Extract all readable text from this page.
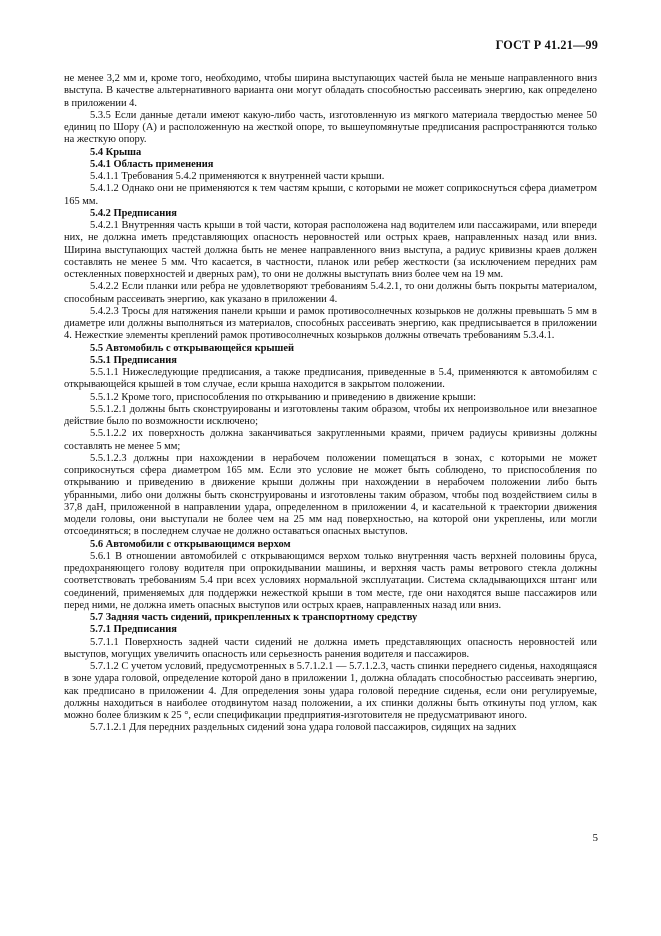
ГОСТ Р 41.21—99

не менее 3,2 мм и, кроме того, необходимо, чтобы ширина выступающих частей была не меньше направленного вниз выступа. В качестве альтернативного варианта они могут обладать способностью рассеивать энергию, как определено в приложении 4.

5.3.5 Если данные детали имеют какую-либо часть, изготовленную из мягкого материала твердостью менее 50 единиц по Шору (А) и расположенную на жесткой опоре, то вышеупомянутые предписания распространяются только на жесткую опору.

5.4 Крыша

5.4.1 Область применения

5.4.1.1 Требования 5.4.2 применяются к внутренней части крыши.

5.4.1.2 Однако они не применяются к тем частям крыши, с которыми не может соприкоснуться сфера диаметром 165 мм.

5.4.2 Предписания

5.4.2.1 Внутренняя часть крыши в той части, которая расположена над водителем или пассажирами, или впереди них, не должна иметь представляющих опасность неровностей или острых краев, направленных назад или вниз. Ширина выступающих частей должна быть не менее направленного вниз выступа, а радиус кривизны краев должен составлять не менее 5 мм. Что касается, в частности, планок или ребер жесткости (за исключением передних рам остекленных поверхностей и дверных рам), то они не должны выступать вниз более чем на 19 мм.

5.4.2.2 Если планки или ребра не удовлетворяют требованиям 5.4.2.1, то они должны быть покрыты материалом, способным рассеивать энергию, как указано в приложении 4.

5.4.2.3 Тросы для натяжения панели крыши и рамок противосолнечных козырьков не должны превышать 5 мм в диаметре или должны выполняться из материалов, способных рассеивать энергию, как предписывается в приложении 4. Нежесткие элементы креплений рамок противосолнечных козырьков должны отвечать требованиям 5.3.4.1.

5.5 Автомобиль с открывающейся крышей

5.5.1 Предписания

5.5.1.1 Нижеследующие предписания, а также предписания, приведенные в 5.4, применяются к автомобилям с открывающейся крышей в том случае, если крыша находится в закрытом положении.

5.5.1.2 Кроме того, приспособления по открыванию и приведению в движение крыши:

5.5.1.2.1 должны быть сконструированы и изготовлены таким образом, чтобы их непроизвольное или внезапное действие было по возможности исключено;

5.5.1.2.2 их поверхность должна заканчиваться закругленными краями, причем радиусы кривизны должны составлять не менее 5 мм;

5.5.1.2.3 должны при нахождении в нерабочем положении помещаться в зонах, с которыми не может соприкоснуться сфера диаметром 165 мм. Если это условие не может быть соблюдено, то приспособления по открыванию и приведению в движение крыши должны при нахождении в нерабочем положении либо быть убранными, либо они должны быть сконструированы и изготовлены таким образом, чтобы под воздействием силы в 37,8 даН, приложенной в направлении удара, определенном в приложении 4, и касательной к траектории движения модели головы, они выступали не более чем на 25 мм над поверхностью, на которой они укреплены, или могли отсоединяться; в последнем случае не должно оставаться опасных выступов.

5.6 Автомобили с открывающимся верхом

5.6.1 В отношении автомобилей с открывающимся верхом только внутренняя часть верхней половины бруса, предохраняющего голову водителя при опрокидывании машины, и верхняя часть рамы ветрового стекла должны соответствовать требованиям 5.4 при всех условиях нормальной эксплуатации. Система складывающихся штанг или соединений, применяемых для поддержки нежесткой крыши в том месте, где они находятся выше пассажиров или перед ними, не должна иметь опасных выступов или острых краев, направленных назад или вниз.

5.7 Задняя часть сидений, прикрепленных к транспортному средству

5.7.1 Предписания

5.7.1.1 Поверхность задней части сидений не должна иметь представляющих опасность неровностей или выступов, могущих увеличить опасность или серьезность ранения водителя и пассажиров.

5.7.1.2 С учетом условий, предусмотренных в 5.7.1.2.1 — 5.7.1.2.3, часть спинки переднего сиденья, находящаяся в зоне удара головой, определение которой дано в приложении 1, должна обладать способностью рассеивать энергию, как предписано в приложении 4. Для определения зоны удара головой передние сиденья, если они регулируемые, должны находиться в наиболее отодвинутом назад положении, а их спинки должны быть откинуты под углом, как можно более близким к 25 °, если спецификации предприятия-изготовителя не предусматривают иного.

5.7.1.2.1 Для передних раздельных сидений зона удара головой пассажиров, сидящих на задних

5
